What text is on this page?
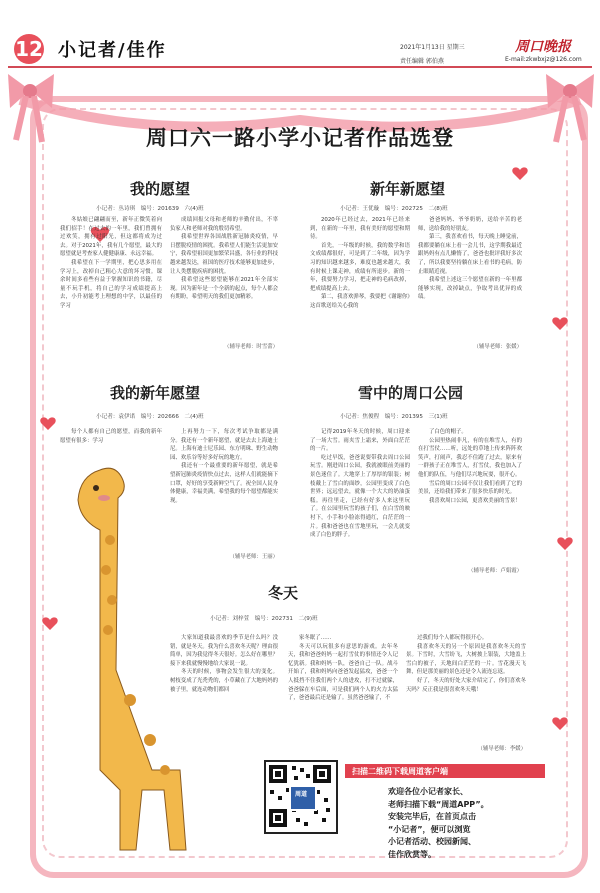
12 小记者/佳作	2021年1月13日 星期三
责任编辑 郭伯燕
周口晚报
E-mail:zkwbxjz@126.com
周口六一路小学小记者作品选登
我的愿望
小记者：丛诗琪　编号：201639　六(4)班

冬姑娘已翩翩而至，新年正微笑着向我们招手！在过去的一年里，我们曾拥有过欢笑，拥有过阳光，但这都将成为过去。对于2021年，我有几个愿望，最大的愿望就是考查家人健健康康、永远幸福。

我希望在下一学期里，把心思多用在学习上，改掉自己粗心大意的坏习惯。课余时间多看些有益于掌握知识的书籍，尽量不玩手机，将自己的学习成绩提高上去，小升初能考上理想的中学，以最佳的学习

成绩回报父母和老师的辛勤付出，不辜负家人和老师对我的殷切希望。

我希望世界各国战胜新冠肺炎疫情，早日摆脱疫情的困扰。我希望人们能生活更加安宁，我希望祖国更加繁荣昌盛，各行业的科技越来越发达，祖国的医疗技术能够更加进步，让人类摆脱疾病的困扰。

我希望这些愿望能够在2021年全部实现。因为新年是一个全新的起点，每个人都会有期盼，希望明天的我们更加精彩。

（辅导老师：时雪蕾）
新年新愿望
小记者：王优璇　编号：202725　二(8)班

2020年已经过去，2021年已经来到，在新的一年里，我有美好的愿望和期待。

首先，一年级的时候，我的数学和语文成绩都很好，可是到了二年级，因为学习的知识越来越多，难度也越来越大，我有时候上课走神，成绩有所退步。新的一年，我要努力学习，把走神的毛病改掉，把成绩提高上去。

第二，我喜欢弹琴，我要把《谢谢你》这首歌送给关心我的

爸爸妈妈、爷爷奶奶，送给辛苦的老师，送给我的好朋友。

第三，我喜欢看书，每天晚上睡觉前，我都要躺在床上看一会儿书，这学期我最近跟妈妈有点儿懒惰了，爸爸也批评我好多次了，所以我要坚持躺在床上看书的毛病，防止眼睛近视。

我希望上述这三个愿望在新的一年里都能够实现，改掉缺点，争取考出优异的成绩。

（辅导老师：张媛）
我的新年愿望
小记者：袁伊诺　编号：202666　二(4)班

每个人都有自己的愿望，而我的新年愿望有很多：学习

上再努力一下，每次考试争取都是满分。我还有一个新年愿望，就是去去上海迪士尼。上海有迪士尼乐园、东方明珠、野生动物园、欢乐谷等好多好玩的地方。

我还有一个最重要的新年愿望，就是希望新冠肺炎疫情快点过去，这样人们就能摘下口罩，好好的享受新鲜空气了。祝全国人民身体健康，幸福美满，希望我的每个愿望都能实现。

（辅导老师：王丽）
雪中的周口公园
小记者：焦俊程　编号：201395　三(1)班

记得2019年冬天的时候，周口迎来了一场大雪。雨夹雪上霜来，外面白茫茫的一片。

吃过早饭，爸爸说要带我去周口公园玩雪。刚进周口公园，我就被眼前美丽的景色迷住了。大地穿上了厚厚的银装；树枝戴上了雪白的面纱，公园里变成了白色世界；远远望去，就像一个大大的奶油蛋糕。再往里走，已经有好多人来这里玩了。在公园里玩雪的孩子们，在白雪的映衬下，小手和小脸冻得通红，白茫茫的一片。我和爸爸也在雪地里玩，一会儿就变成了白色的胖子。

了白色的帽子。

公园里热闹非凡，有的在堆雪人，有的在打雪仗……听，远处的草地上传来阵阵欢笑声，打闹声，我忍不住跑了过去，原来有一群孩子正在堆雪人，打雪仗，我也加入了他们的队伍，与他们尽兴地玩耍，很开心。

雪后的周口公园不仅让我们看到了它的美景，还给我们带来了很多快乐的时光。

我喜欢周口公园，更喜欢美丽的雪景！

（辅导老师：卢娟霞）
冬天
小记者：刘梓萱　编号：202731　二(9)班

大家知道我最喜欢的季节是什么吗？没错，就是冬天。我为什么喜欢冬天呢？理由很简单，因为我觉得冬天很好。怎么好在哪里？接下来我就慢慢地给大家说一说。

冬天的时候，事物会发生很大的变化。树枝变成了光秃秃的，小草藏在了大地妈妈的被子里，就连动物们都回

家冬眠了……

冬天可以玩很多有意思的游戏。去年冬天，我和爸爸妈妈一起打雪仗的事情还令人记忆犹新。我和妈妈一队，爸爸自己一队。战斗开始了，我和妈妈向爸爸发起猛攻，爸爸一个人抵挡不住我们两个人的进攻，打不过就躲，爸爸躲在车后面，可是我们两个人的火力太猛了，爸爸最后还是输了。虽然爸爸输了，不

过我们每个人都玩得很开心。

我喜欢冬天的另一个原因是我喜欢冬天的雪景。下雪时，大雪纷飞，大树披上银装，大地盖上雪白的被子，天地间白茫茫的一片。雪花漫天飞舞，但是那美丽的景色还是令人流连忘返。

好了，冬天的好处大家介绍完了，你们喜欢冬天吗？反正我是很喜欢冬天哦！

（辅导老师：李媛）
周道
扫描二维码下载周道客户端
欢迎各位小记者家长、
老师扫描下载“周道APP”。
安装完毕后，在首页点击
“小记者”，便可以浏览
小记者活动、校园新闻、
佳作欣赏等。
